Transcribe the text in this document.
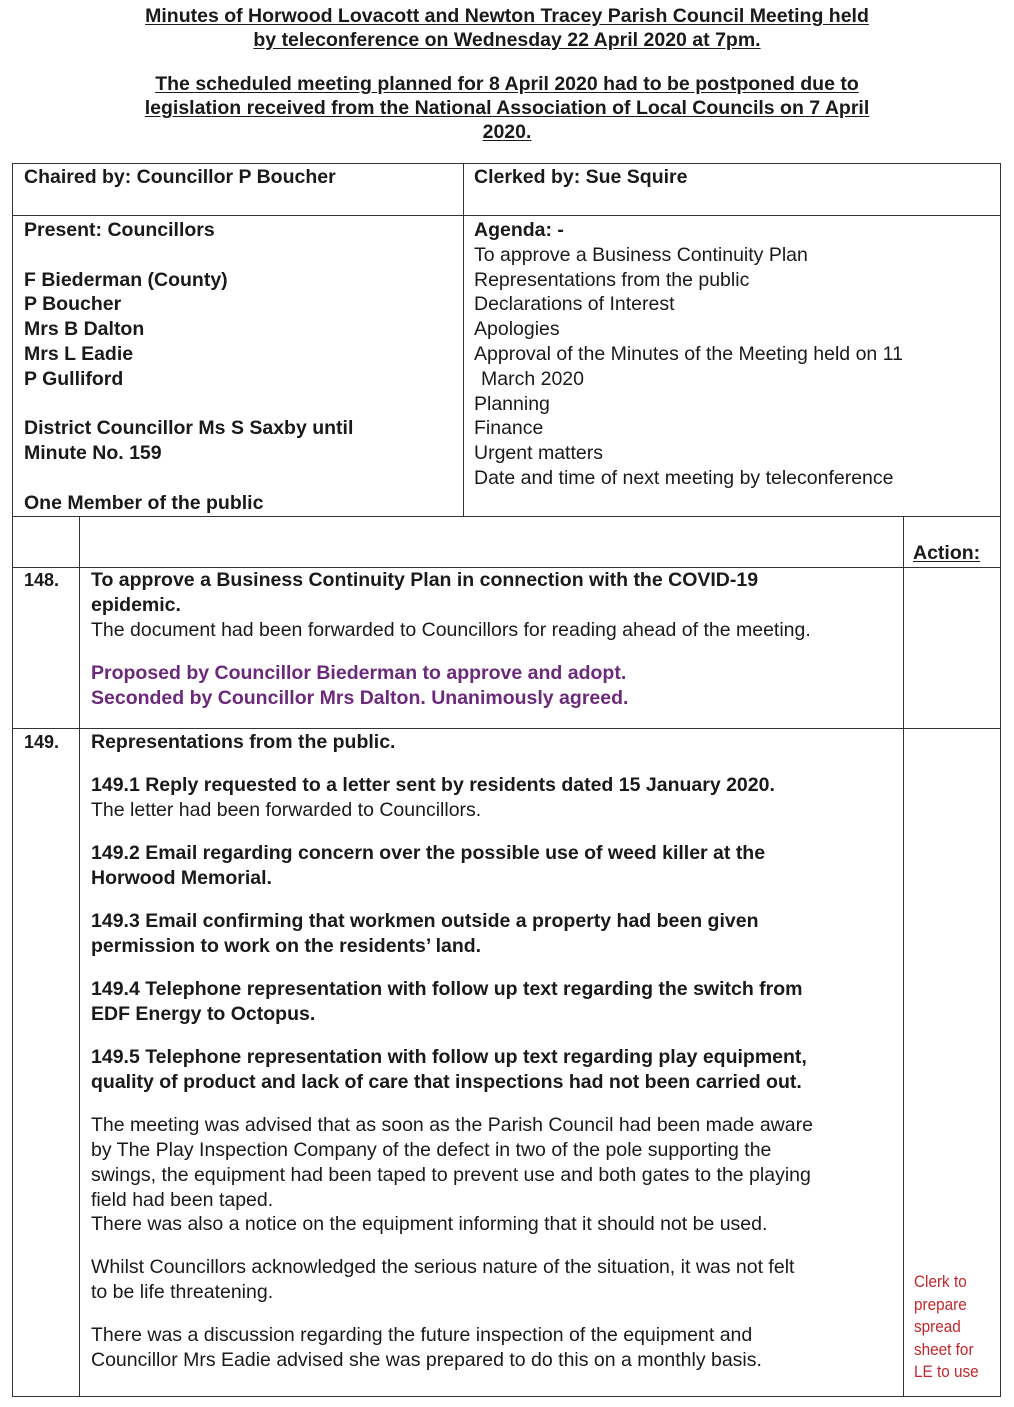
Minutes of Horwood Lovacott and Newton Tracey Parish Council Meeting held
by teleconference on Wednesday 22 April 2020 at 7pm.
The scheduled meeting planned for 8 April 2020 had to be postponed due to
legislation received from the National Association of Local Councils on 7 April
2020.
Chaired by: Councillor P Boucher	Clerked by: Sue Squire
Present: Councillors
F Biederman (County)
P Boucher
Mrs B Dalton
Mrs L Eadie
P Gulliford
District Councillor Ms S Saxby until
Minute No. 159
One Member of the public
Agenda: -
To approve a Business Continuity Plan
Representations from the public
Declarations of Interest
Apologies
Approval of the Minutes of the Meeting held on 11
March 2020
Planning
Finance
Urgent matters
Date and time of next meeting by teleconference
Action:
148. To approve a Business Continuity Plan in connection with the COVID-19
epidemic.
The document had been forwarded to Councillors for reading ahead of the meeting.
Proposed by Councillor Biederman to approve and adopt.
Seconded by Councillor Mrs Dalton. Unanimously agreed.
149. Representations from the public.
149.1 Reply requested to a letter sent by residents dated 15 January 2020.
The letter had been forwarded to Councillors.
149.2 Email regarding concern over the possible use of weed killer at the
Horwood Memorial.
149.3 Email confirming that workmen outside a property had been given
permission to work on the residents’ land.
149.4 Telephone representation with follow up text regarding the switch from
EDF Energy to Octopus.
149.5 Telephone representation with follow up text regarding play equipment,
quality of product and lack of care that inspections had not been carried out.
The meeting was advised that as soon as the Parish Council had been made aware
by The Play Inspection Company of the defect in two of the pole supporting the
swings, the equipment had been taped to prevent use and both gates to the playing
field had been taped.
There was also a notice on the equipment informing that it should not be used.
Whilst Councillors acknowledged the serious nature of the situation, it was not felt
to be life threatening.
There was a discussion regarding the future inspection of the equipment and
Councillor Mrs Eadie advised she was prepared to do this on a monthly basis.
Clerk to
prepare
spread
sheet for
LE to use
